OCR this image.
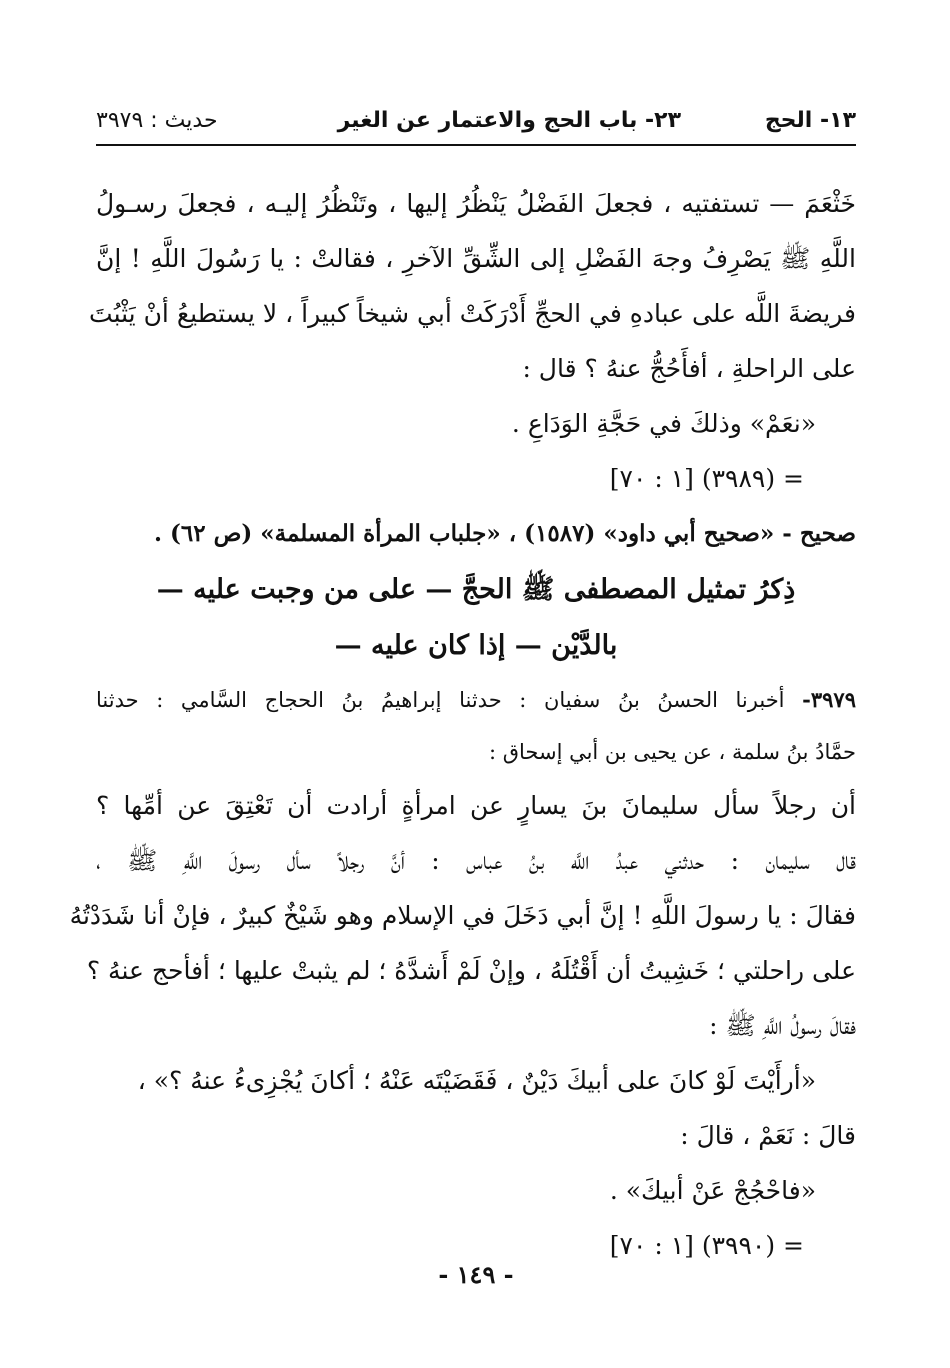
١٣- الحج
٢٣- باب الحج والاعتمار عن الغير
حديث : ٣٩٧٩
خَثْعَمَ — تستفتيه ، فجعلَ الفَضْلُ يَنْظُرُ إليها ، وتَنْظُرُ إليـه ، فجعلَ رسـولُ
اللَّهِ ﷺ يَصْرِفُ وجهَ الفَضْلِ إلى الشِّقِّ الآخرِ ، فقالتْ : يا رَسُولَ اللَّهِ ! إنَّ
فريضةَ اللَّه على عبادهِ في الحجِّ أَدْرَكَتْ أبي شيخاً كبيراً ، لا يستطيعُ أنْ يَثْبُتَ
على الراحلةِ ، أفأَحُجُّ عنهُ ؟ قال :
«نعَمْ» وذلكَ في حَجَّةِ الوَدَاعِ .
= (٣٩٨٩) [١ : ٧٠]
صحيح - «صحيح أبي داود» (١٥٨٧) ، «جلباب المرأة المسلمة» (ص ٦٢) .
ذِكرُ تمثيل المصطفى ﷺ الحجَّ — على من وجبت عليه —
بالدَّيْن — إذا كان عليه —
٣٩٧٩- أخبرنا الحسنُ بنُ سفيان : حدثنا إبراهيمُ بنُ الحجاج السَّامي : حدثنا
حمَّادُ بنُ سلمة ، عن يحيى بن أبي إسحاق :
أن رجلاً سأل سليمانَ بنَ يسارٍ عن امرأةٍ أرادت أن تَعْتِقَ عن أمِّها ؟
قال سليمان : حدثني عبدُ اللَّه بنُ عباس : أنَّ رجلاً سأل رسولَ اللَّهِ ﷺ ،
فقالَ : يا رسولَ اللَّهِ ! إنَّ أبي دَخَلَ في الإسلام وهو شَيْخٌ كبيرٌ ، فإنْ أنا شَدَدْتُهُ
على راحلتي ؛ خَشِيتُ أن أَقْتُلَهُ ، وإنْ لَمْ أَشدَّهُ ؛ لم يثبتْ عليها ؛ أفأحج عنهُ ؟
فقالَ رسولُ اللَّهِ ﷺ :
«أرأَيْتَ لَوْ كانَ على أبيكَ دَيْنٌ ، فَقَضَيْتَه عَنْهُ ؛ أكانَ يُجْزِىءُ عنهُ ؟» ،
قالَ : نَعَمْ ، قالَ :
«فاحْجُجْ عَنْ أبيكَ» .
= (٣٩٩٠) [١ : ٧٠]
- ١٤٩ -
